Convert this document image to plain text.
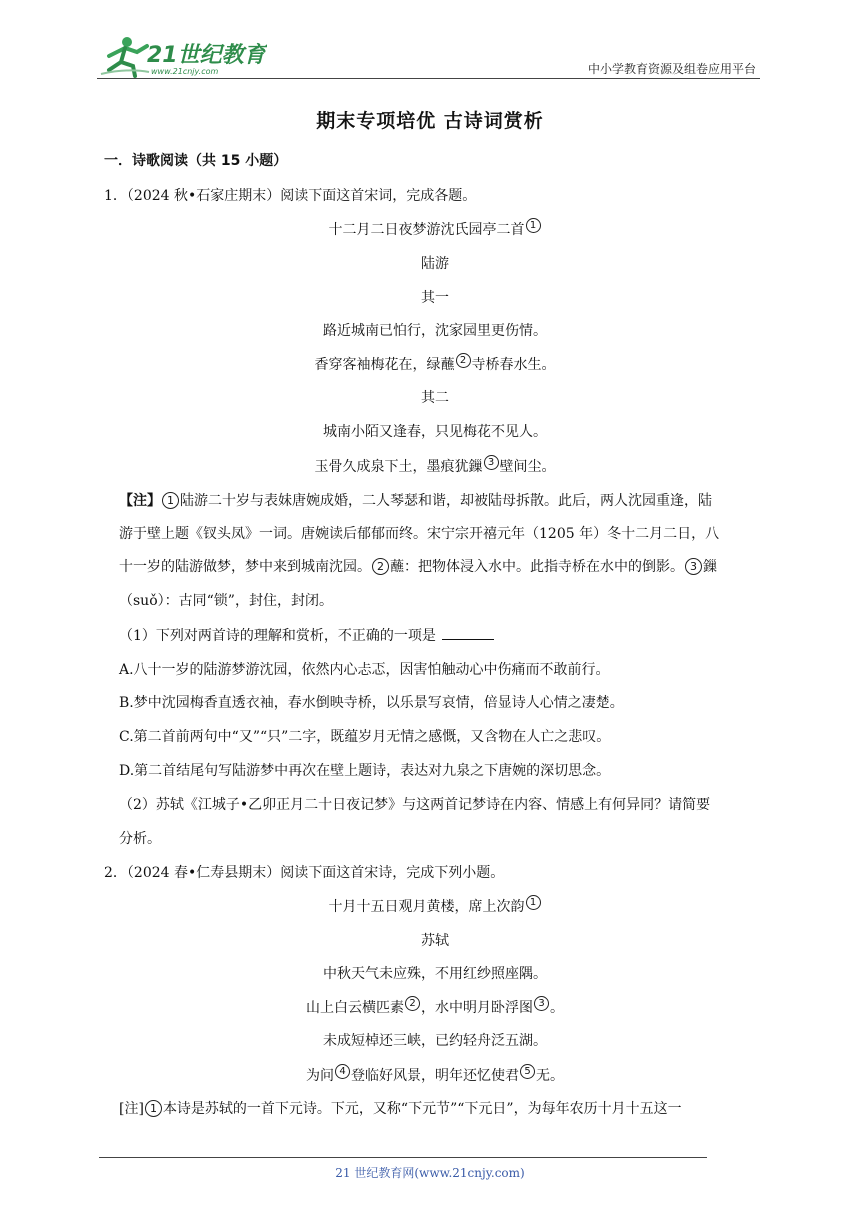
21世纪教育
www.21cnjy.com	中小学教育资源及组卷应用平台
期末专项培优 古诗词赏析
一．诗歌阅读（共 15 小题）
1．（2024 秋•石家庄期末）阅读下面这首宋词，完成各题。
十二月二日夜梦游沈氏园亭二首 1
陆游
其一
路近城南已怕行，沈家园里更伤情。
香穿客袖梅花在，绿蘸 2 寺桥春水生。
其二
城南小陌又逢春，只见梅花不见人。
玉骨久成泉下土，墨痕犹鏁 3 壁间尘。
【注】 1 陆游二十岁与表妹唐婉成婚，二人琴瑟和谐，却被陆母拆散。此后，两人沈园重逢，陆
游于壁上题《钗头凤》一词。唐婉读后郁郁而终。宋宁宗开禧元年（1205 年）冬十二月二日，八
十一岁的陆游做梦，梦中来到城南沈园。 2 蘸：把物体浸入水中。此指寺桥在水中的倒影。 3 鏁
（suǒ）：古同“锁”，封住，封闭。
（1）下列对两首诗的理解和赏析，不正确的一项是
A.八十一岁的陆游梦游沈园，依然内心忐忑，因害怕触动心中伤痛而不敢前行。
B.梦中沈园梅香直透衣袖，春水倒映寺桥，以乐景写哀情，倍显诗人心情之凄楚。
C.第二首前两句中“又”“只”二字，既蕴岁月无情之感慨，又含物在人亡之悲叹。
D.第二首结尾句写陆游梦中再次在壁上题诗，表达对九泉之下唐婉的深切思念。
（2）苏轼《江城子•乙卯正月二十日夜记梦》与这两首记梦诗在内容、情感上有何异同？请简要
分析。
2．（2024 春•仁寿县期末）阅读下面这首宋诗，完成下列小题。
十月十五日观月黄楼，席上次韵 1
苏轼
中秋天气未应殊，不用红纱照座隅。
山上白云横匹素 2 ，水中明月卧浮图 3 。
未成短棹还三峡，已约轻舟泛五湖。
为问 4 登临好风景，明年还忆使君 5 无。
[注] 1 本诗是苏轼的一首下元诗。下元，又称“下元节”“下元日”，为每年农历十月十五这一
21 世纪教育网(www.21cnjy.com)
